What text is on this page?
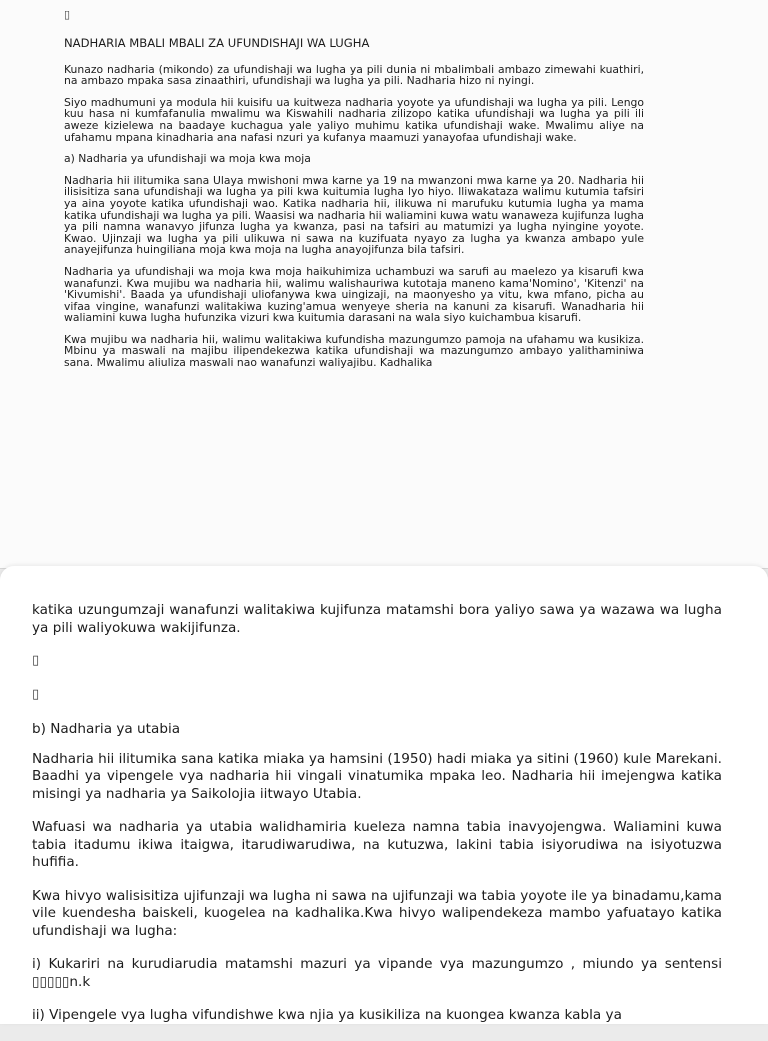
▯

NADHARIA MBALI MBALI ZA UFUNDISHAJI WA LUGHA

Kunazo nadharia (mikondo) za ufundishaji wa lugha ya pili dunia ni mbalimbali ambazo zimewahi kuathiri, na ambazo mpaka sasa zinaathiri, ufundishaji wa lugha ya pili. Nadharia hizo ni nyingi.

Siyo madhumuni ya modula hii kuisifu ua kuitweza nadharia yoyote ya ufundishaji wa lugha ya pili. Lengo kuu hasa ni kumfafanulia mwalimu wa Kiswahili nadharia zilizopo katika ufundishaji wa lugha ya pili ili aweze kizielewa na baadaye kuchagua yale yaliyo muhimu katika ufundishaji wake. Mwalimu aliye na ufahamu mpana kinadharia ana nafasi nzuri ya kufanya maamuzi yanayofaa ufundishaji wake.

a) Nadharia ya ufundishaji wa moja kwa moja

Nadharia hii ilitumika sana Ulaya mwishoni mwa karne ya 19 na mwanzoni mwa karne ya 20. Nadharia hii ilisisitiza sana ufundishaji wa lugha ya pili kwa kuitumia lugha lyo hiyo. Iliwakataza walimu kutumia tafsiri ya aina yoyote katika ufundishaji wao. Katika nadharia hii, ilikuwa ni marufuku kutumia lugha ya mama katika ufundishaji wa lugha ya pili. Waasisi wa nadharia hii waliamini kuwa watu wanaweza kujifunza lugha ya pili namna wanavyo jifunza lugha ya kwanza, pasi na tafsiri au matumizi ya lugha nyingine yoyote. Kwao. Ujinzaji wa lugha ya pili ulikuwa ni sawa na kuzifuata nyayo za lugha ya kwanza ambapo yule anayejifunza huingiliana moja kwa moja na lugha anayojifunza bila tafsiri.

Nadharia ya ufundishaji wa moja kwa moja haikuhimiza uchambuzi wa sarufi au maelezo ya kisarufi kwa wanafunzi. Kwa mujibu wa nadharia hii, walimu walishauriwa kutotaja maneno kama'Nomino', 'Kitenzi' na 'Kivumishi'. Baada ya ufundishaji uliofanywa kwa uingizaji, na maonyesho ya vitu, kwa mfano, picha au vifaa vingine, wanafunzi walitakiwa kuzing'amua wenyeye sheria na kanuni za kisarufi. Wanadharia hii waliamini kuwa lugha hufunzika vizuri kwa kuitumia darasani na wala siyo kuichambua kisarufi.

Kwa mujibu wa nadharia hii, walimu walitakiwa kufundisha mazungumzo pamoja na ufahamu wa kusikiza. Mbinu ya maswali na majibu ilipendekezwa katika ufundishaji wa mazungumzo ambayo yalithaminiwa sana. Mwalimu aliuliza maswali nao wanafunzi waliyajibu. Kadhalika

katika uzungumzaji wanafunzi walitakiwa kujifunza matamshi bora yaliyo sawa ya wazawa wa lugha ya pili waliyokuwa wakijifunza.

▯
▯

b) Nadharia ya utabia

Nadharia hii ilitumika sana katika miaka ya hamsini (1950) hadi miaka ya sitini (1960) kule Marekani. Baadhi ya vipengele vya nadharia hii vingali vinatumika mpaka leo. Nadharia hii imejengwa katika misingi ya nadharia ya Saikolojia iitwayo Utabia.

Wafuasi wa nadharia ya utabia walidhamiria kueleza namna tabia inavyojengwa. Waliamini kuwa tabia itadumu ikiwa itaigwa, itarudiwarudiwa, na kutuzwa, lakini tabia isiyorudiwa na isiyotuzwa hufifia.

Kwa hivyo walisisitiza ujifunzaji wa lugha ni sawa na ujifunzaji wa tabia yoyote ile ya binadamu,kama vile kuendesha baiskeli, kuogelea na kadhalika.Kwa hivyo walipendekeza mambo yafuatayo katika ufundishaji wa lugha:

i) Kukariri na kurudiarudia matamshi mazuri ya vipande vya mazungumzo , miundo ya sentensi ▯▯▯▯▯n.k

ii) Vipengele vya lugha vifundishwe kwa njia ya kusikiliza na kuongea kwanza kabla ya
